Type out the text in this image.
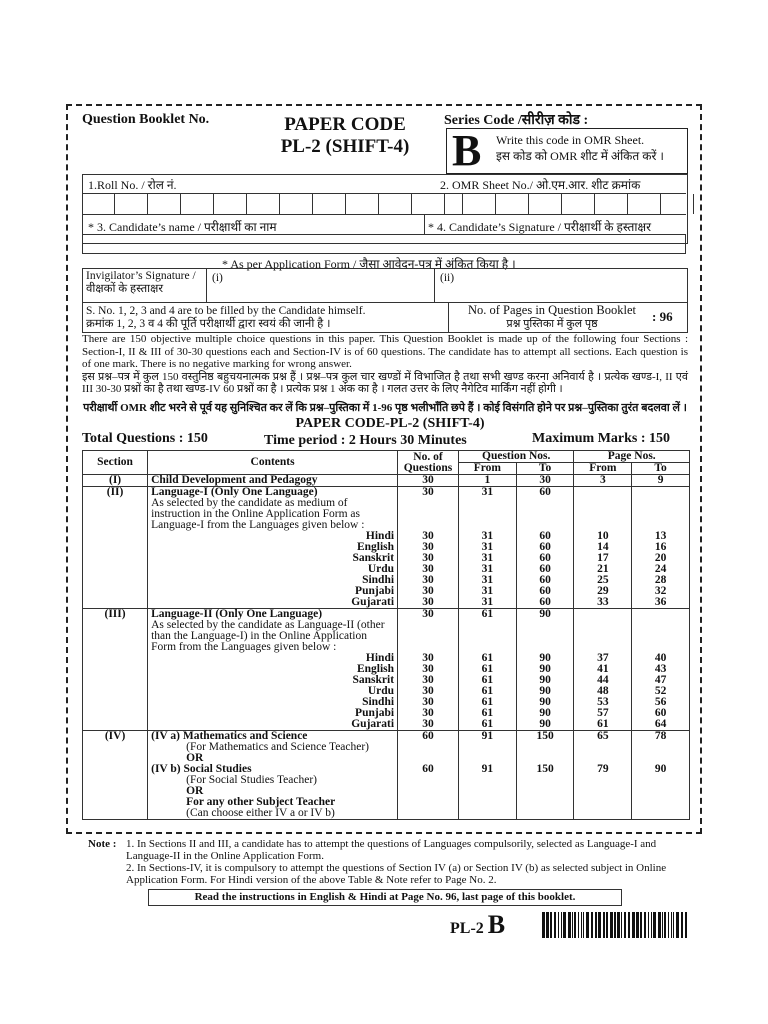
Question Booklet No.	PAPER CODE
PL-2 (SHIFT-4)
Series Code /सीरीज़ कोड :
B Write this code in OMR Sheet.
इस कोड को OMR शीट में अंकित करें ।
1.Roll No. / रोल नं.	2. OMR Sheet No./ ओ.एम.आर. शीट क्रमांक
* 3. Candidate’s name / परीक्षार्थी का नाम	* 4. Candidate’s Signature / परीक्षार्थी के हस्ताक्षर
* As per Application Form / जैसा आवेदन-पत्र में अंकित किया है ।
Invigilator’s Signature /
वीक्षकों के हस्ताक्षर
(i)	(ii)
S. No. 1, 2, 3 and 4 are to be filled by the Candidate himself.
क्रमांक 1, 2, 3 व 4 की पूर्ति परीक्षार्थी द्वारा स्वयं की जानी है ।
No. of Pages in Question Booklet
प्रश्न पुस्तिका में कुल पृष्ठ	: 96
There are 150 objective multiple choice questions in this paper. This Question Booklet is made up of the following four Sections : Section-I, II & III of 30-30 questions each and Section-IV is of 60 questions. The candidate has to attempt all sections. Each question is of one mark. There is no negative marking for wrong answer.
इस प्रश्न–पत्र में कुल 150 वस्तुनिष्ठ बहुचयनात्मक प्रश्न हैं । प्रश्न–पत्र कुल चार खण्डों में विभाजित है तथा सभी खण्ड करना अनिवार्य है । प्रत्येक खण्ड-I, II एवं III 30-30 प्रश्नों का है तथा खण्ड-IV 60 प्रश्नों का है । प्रत्येक प्रश्न 1 अंक का है । गलत उत्तर के लिए नैगेटिव मार्किंग नहीं होगी ।
परीक्षार्थी OMR शीट भरने से पूर्व यह सुनिश्चित कर लें कि प्रश्न–पुस्तिका में 1-96 पृष्ठ भलीभाँति छपे हैं । कोई विसंगति होने पर प्रश्न–पुस्तिका तुरंत बदलवा लें ।
PAPER CODE-PL-2 (SHIFT-4)
Total Questions : 150	Time period : 2 Hours 30 Minutes	Maximum Marks : 150
Section	Contents	No. of
Questions	Question Nos.		Page Nos.	
			From	To	From	To
(I)	Child Development and Pedagogy	30	1	30	3	9
(II)	Language-I (Only One Language)	30	31	60		
	As selected by the candidate as medium of					
	instruction in the Online Application Form as					
	Language-I from the Languages given below :					
	Hindi	30	31	60	10	13
	English	30	31	60	14	16
	Sanskrit	30	31	60	17	20
	Urdu	30	31	60	21	24
	Sindhi	30	31	60	25	28
	Punjabi	30	31	60	29	32
	Gujarati	30	31	60	33	36
(III)	Language-II (Only One Language)	30	61	90		
	As selected by the candidate as Language-II (other					
	than the Language-I) in the Online Application					
	Form from the Languages given below :					
	Hindi	30	61	90	37	40
	English	30	61	90	41	43
	Sanskrit	30	61	90	44	47
	Urdu	30	61	90	48	52
	Sindhi	30	61	90	53	56
	Punjabi	30	61	90	57	60
	Gujarati	30	61	90	61	64
(IV)	(IV a) Mathematics and Science	60	91	150	65	78
	(For Mathematics and Science Teacher)					
	OR					
	(IV b) Social Studies	60	91	150	79	90
	(For Social Studies Teacher)					
	OR					
	For any other Subject Teacher					
	(Can choose either IV a or IV b)					
Note : 1. In Sections II and III, a candidate has to attempt the questions of Languages compulsorily, selected as Language-I and Language-II in the Online Application Form.
2. In Sections-IV, it is compulsory to attempt the questions of Section IV (a) or Section IV (b) as selected subject in Online Application Form. For Hindi version of the above Table & Note refer to Page No. 2.
Read the instructions in English & Hindi at Page No. 96, last page of this booklet.
PL-2 B
